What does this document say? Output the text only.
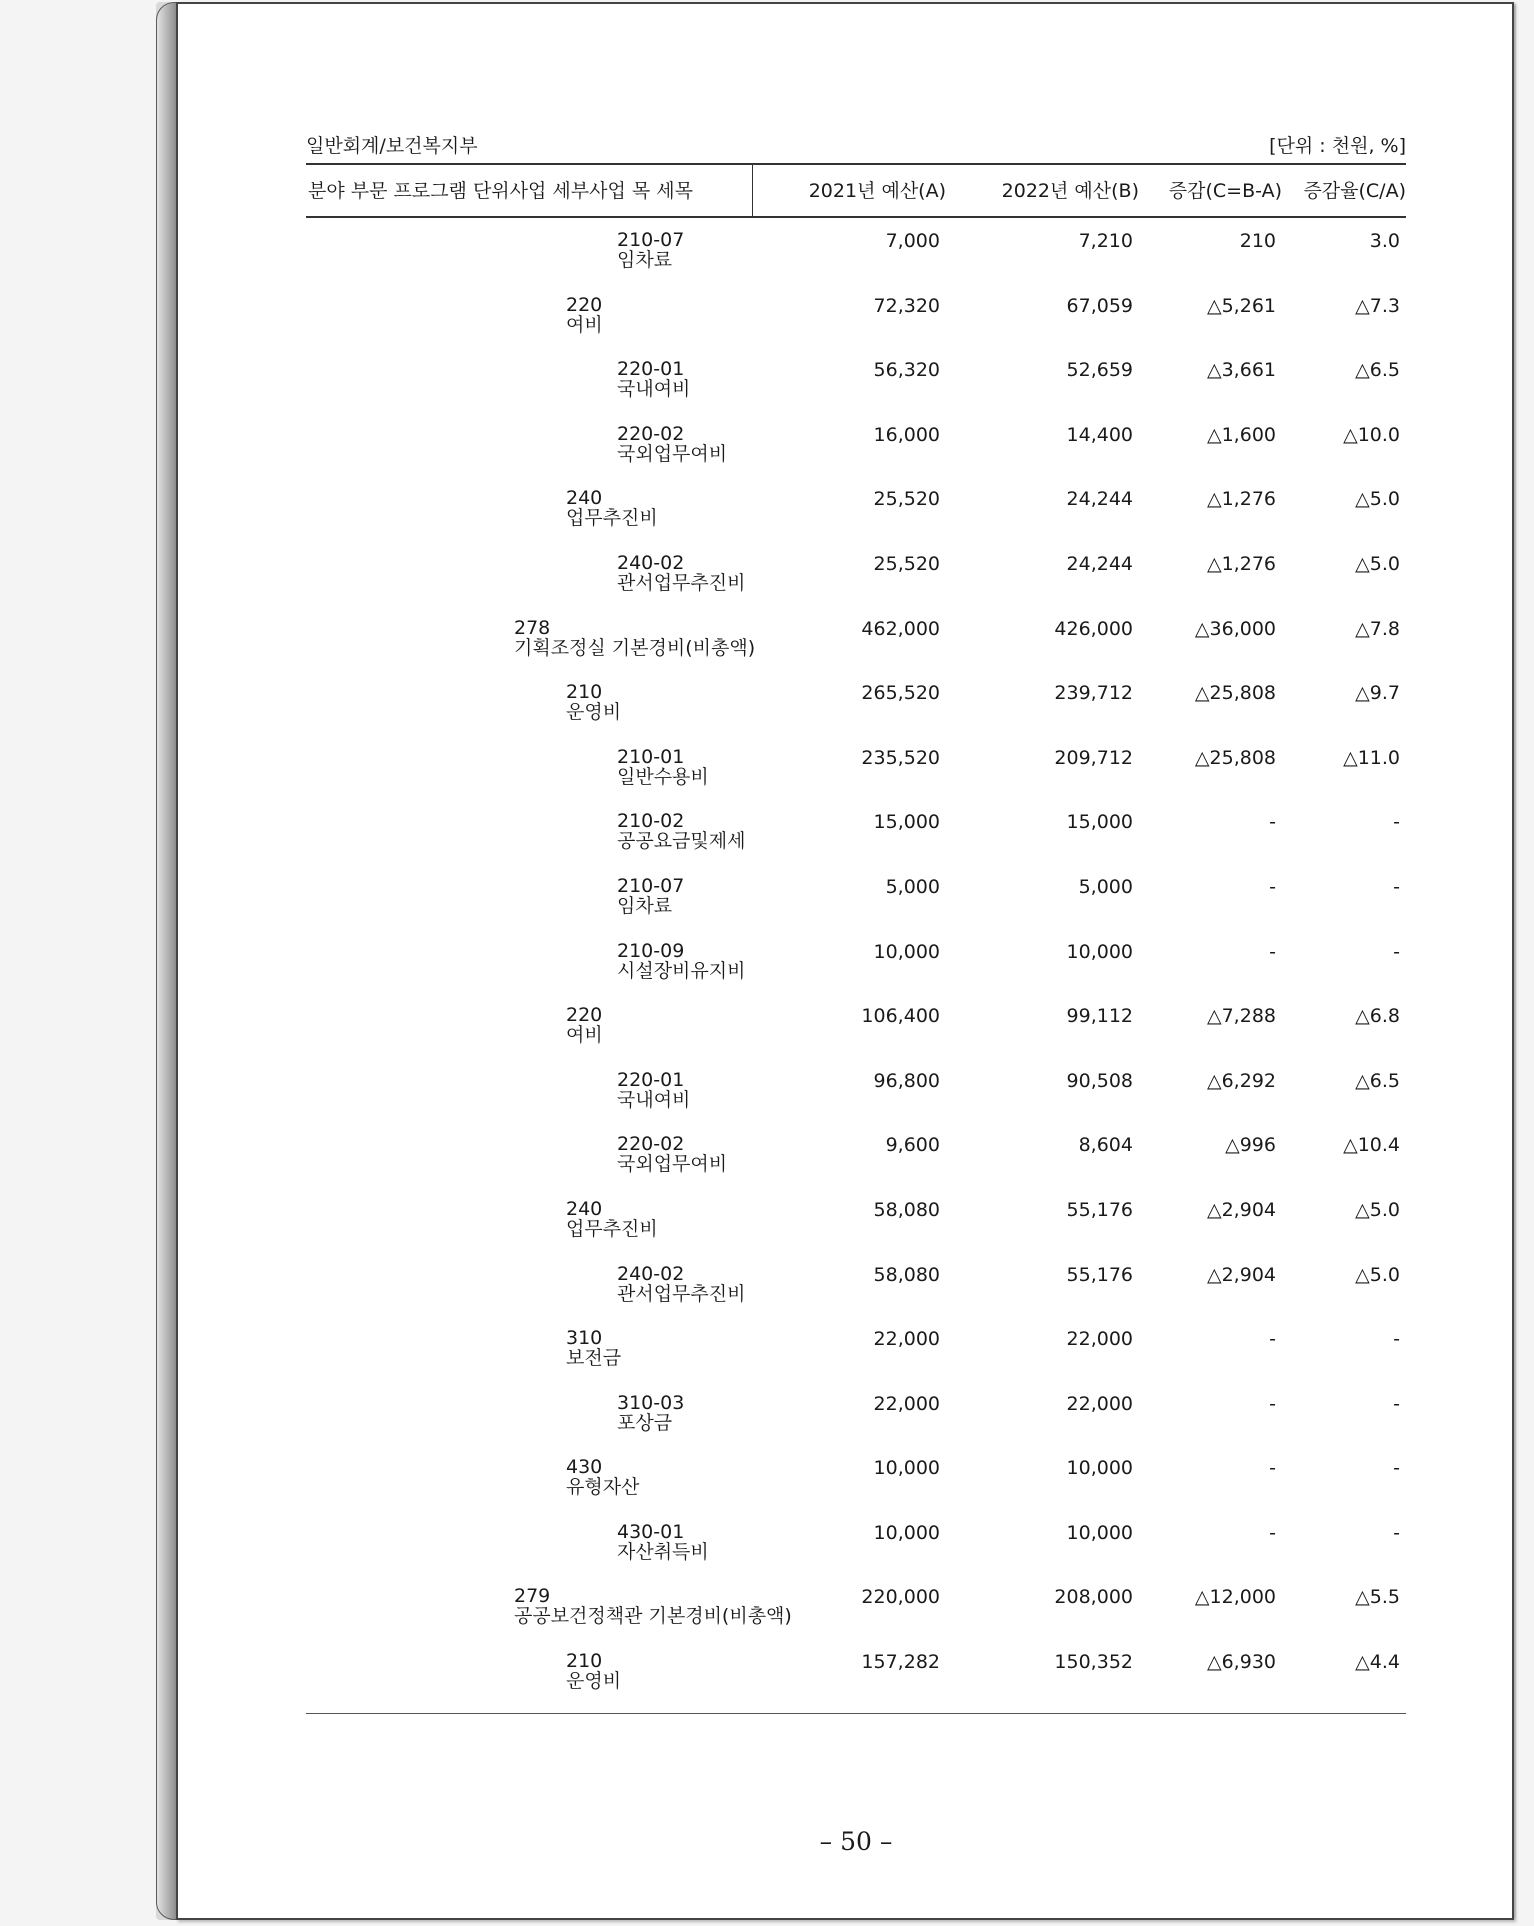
일반회계/보건복지부	[단위 : 천원, %]
분야 부문 프로그램 단위사업 세부사업 목 세목	2021년 예산(A)	2022년 예산(B) 증감(C=B-A) 증감율(C/A)
210-07
임차료
7,000	7,210	210	3.0
220
여비
72,320	67,059	△5,261	△7.3
220-01
국내여비
56,320	52,659	△3,661	△6.5
220-02
국외업무여비
16,000	14,400	△1,600	△10.0
240
업무추진비
25,520	24,244	△1,276	△5.0
240-02
관서업무추진비
25,520	24,244	△1,276	△5.0
278
기획조정실 기본경비(비총액)
462,000	426,000	△36,000	△7.8
210
운영비
265,520	239,712	△25,808	△9.7
210-01
일반수용비
235,520	209,712	△25,808	△11.0
210-02
공공요금및제세
15,000	15,000	-	-
210-07
임차료
5,000	5,000	-	-
210-09
시설장비유지비
10,000	10,000	-	-
220
여비
106,400	99,112	△7,288	△6.8
220-01
국내여비
96,800	90,508	△6,292	△6.5
220-02
국외업무여비
9,600	8,604	△996	△10.4
240
업무추진비
58,080	55,176	△2,904	△5.0
240-02
관서업무추진비
58,080	55,176	△2,904	△5.0
310
보전금
22,000	22,000	-	-
310-03
포상금
22,000	22,000	-	-
430
유형자산
10,000	10,000	-	-
430-01
자산취득비
10,000	10,000	-	-
279
공공보건정책관 기본경비(비총액)
220,000	208,000	△12,000	△5.5
210
운영비
157,282	150,352	△6,930	△4.4
– 50 –
